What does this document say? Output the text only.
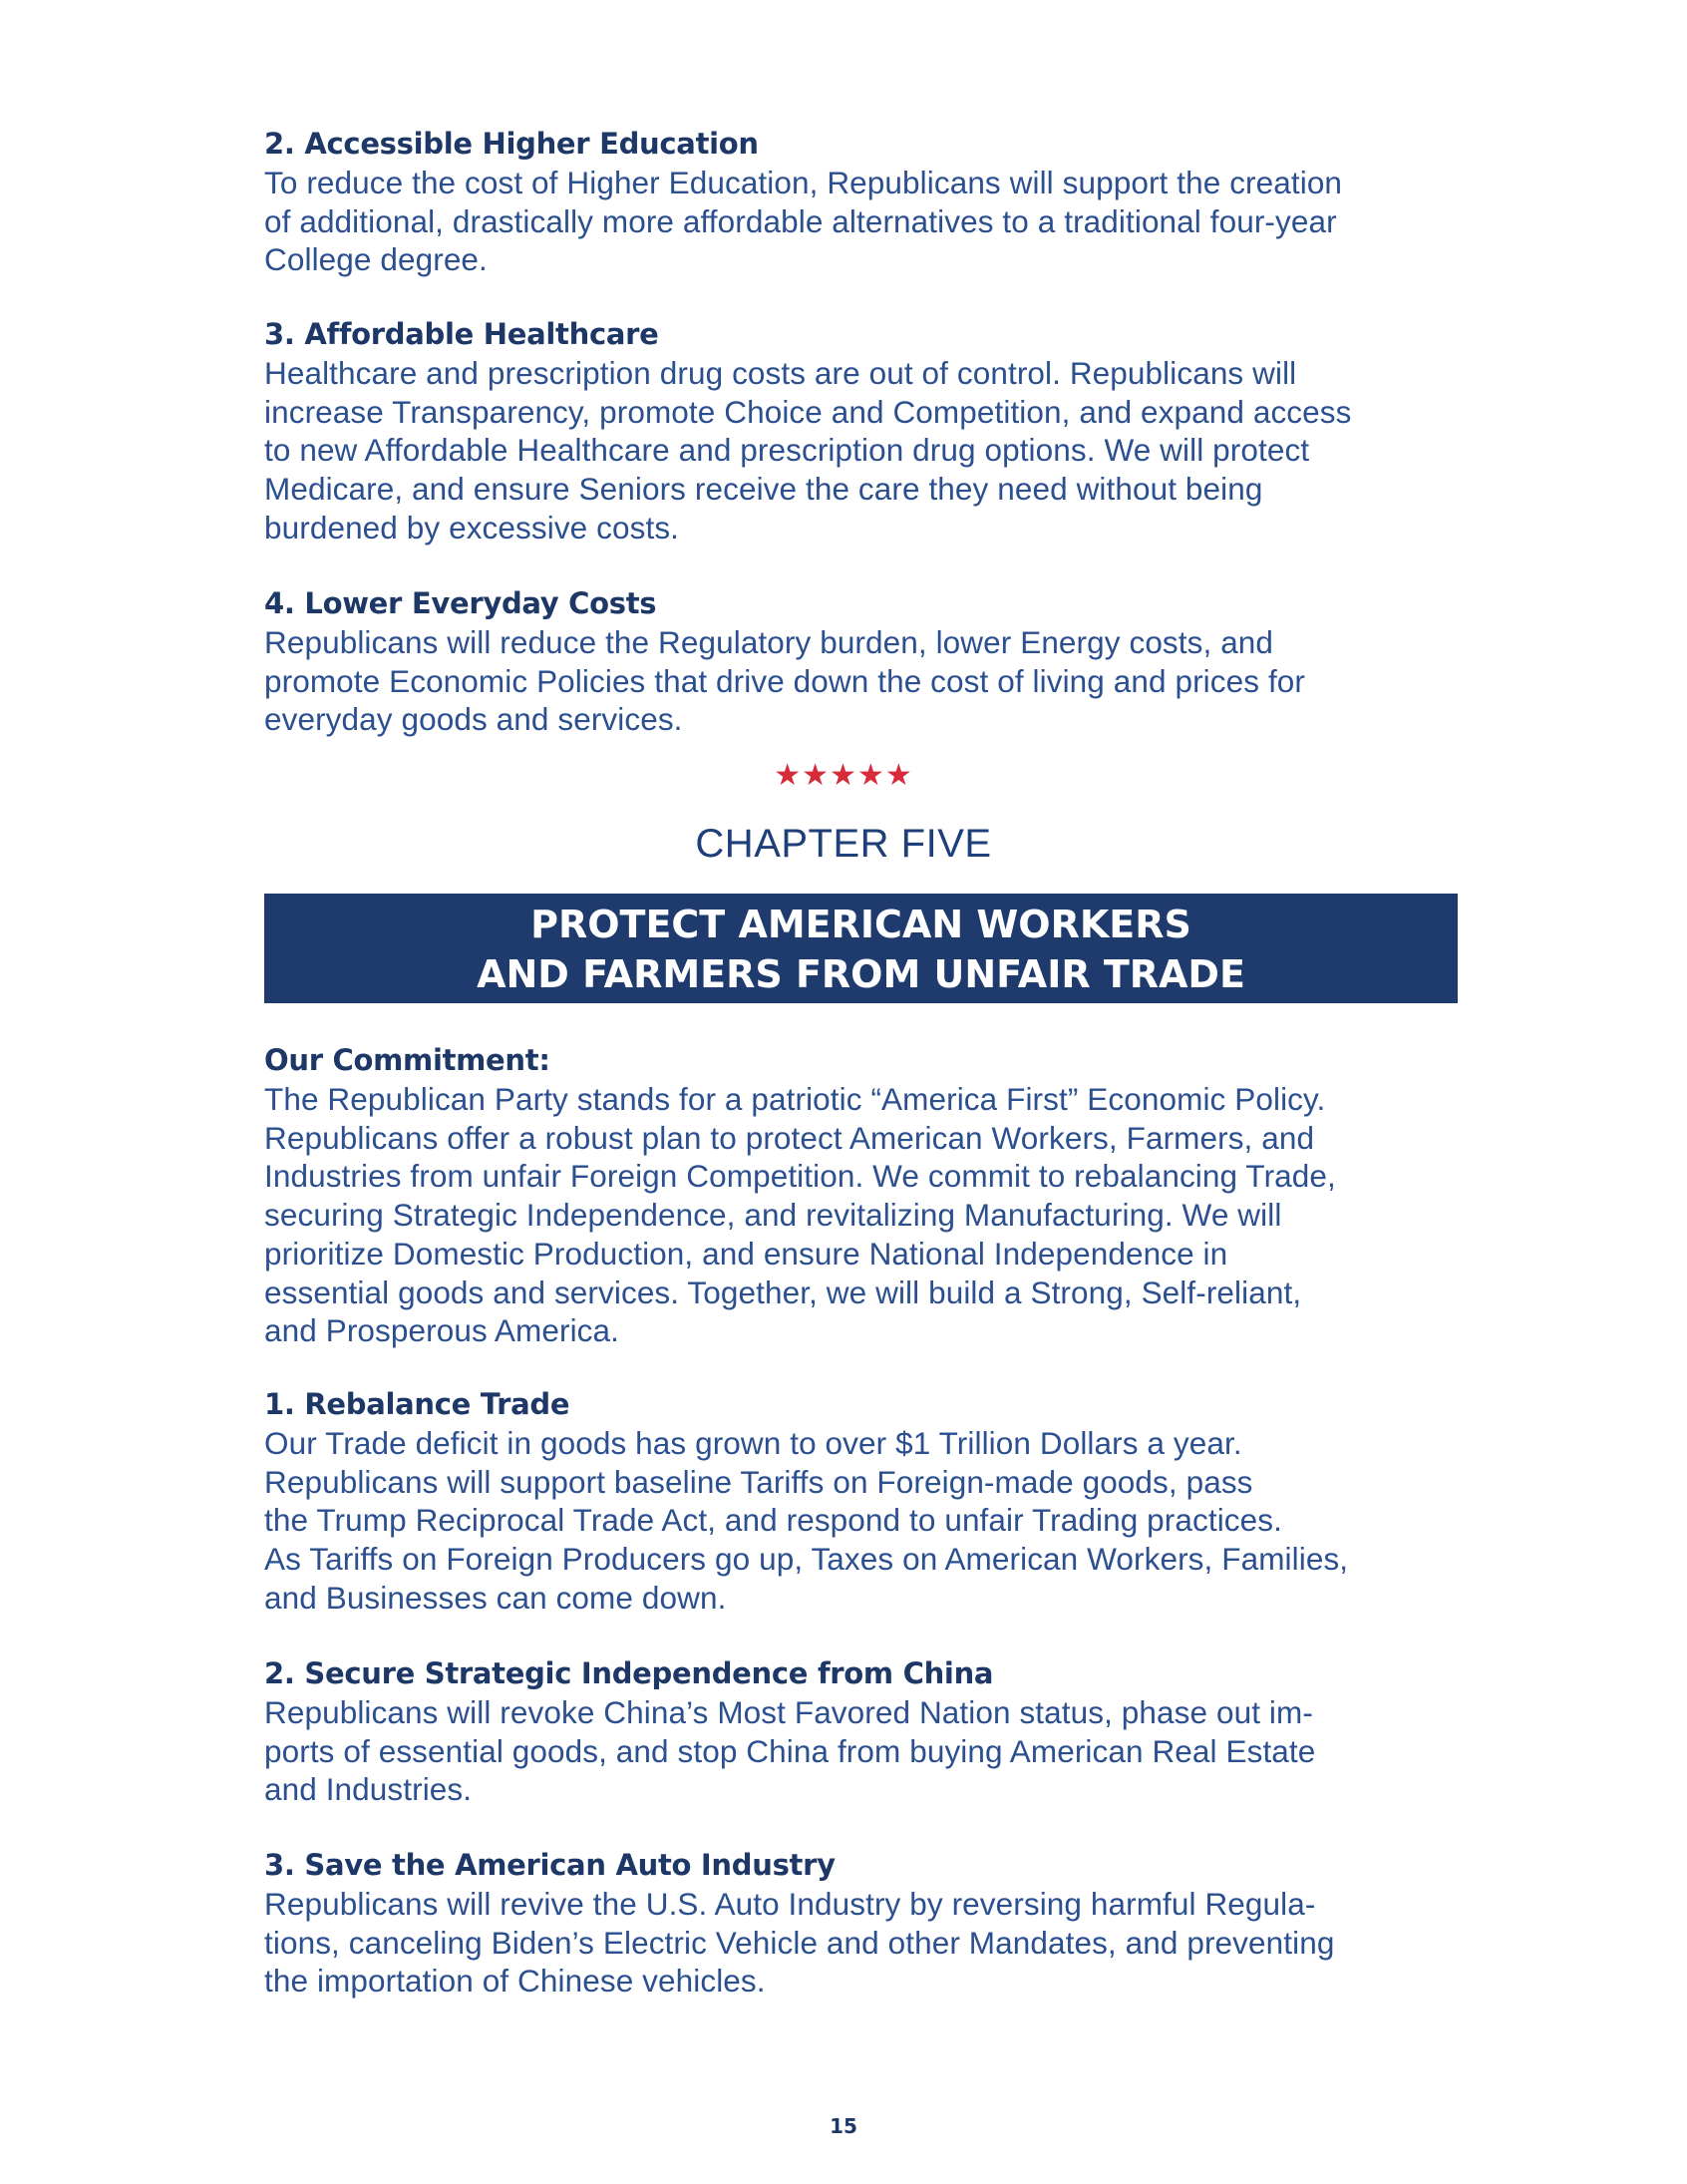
2. Accessible Higher Education

To reduce the cost of Higher Education, Republicans will support the creation
of additional, drastically more affordable alternatives to a traditional four-year
College degree.

3. Affordable Healthcare

Healthcare and prescription drug costs are out of control. Republicans will
increase Transparency, promote Choice and Competition, and expand access
to new Affordable Healthcare and prescription drug options. We will protect
Medicare, and ensure Seniors receive the care they need without being
burdened by excessive costs.

4. Lower Everyday Costs

Republicans will reduce the Regulatory burden, lower Energy costs, and
promote Economic Policies that drive down the cost of living and prices for
everyday goods and services.

★★★★★
CHAPTER FIVE
PROTECT AMERICAN WORKERS
AND FARMERS FROM UNFAIR TRADE
Our Commitment:

The Republican Party stands for a patriotic “America First” Economic Policy.
Republicans offer a robust plan to protect American Workers, Farmers, and
Industries from unfair Foreign Competition. We commit to rebalancing Trade,
securing Strategic Independence, and revitalizing Manufacturing. We will
prioritize Domestic Production, and ensure National Independence in
essential goods and services. Together, we will build a Strong, Self-reliant,
and Prosperous America.

1. Rebalance Trade

Our Trade deficit in goods has grown to over $1 Trillion Dollars a year.
Republicans will support baseline Tariffs on Foreign-made goods, pass
the Trump Reciprocal Trade Act, and respond to unfair Trading practices.
As Tariffs on Foreign Producers go up, Taxes on American Workers, Families,
and Businesses can come down.

2. Secure Strategic Independence from China

Republicans will revoke China’s Most Favored Nation status, phase out im-
ports of essential goods, and stop China from buying American Real Estate
and Industries.

3. Save the American Auto Industry

Republicans will revive the U.S. Auto Industry by reversing harmful Regula-
tions, canceling Biden’s Electric Vehicle and other Mandates, and preventing
the importation of Chinese vehicles.

15
